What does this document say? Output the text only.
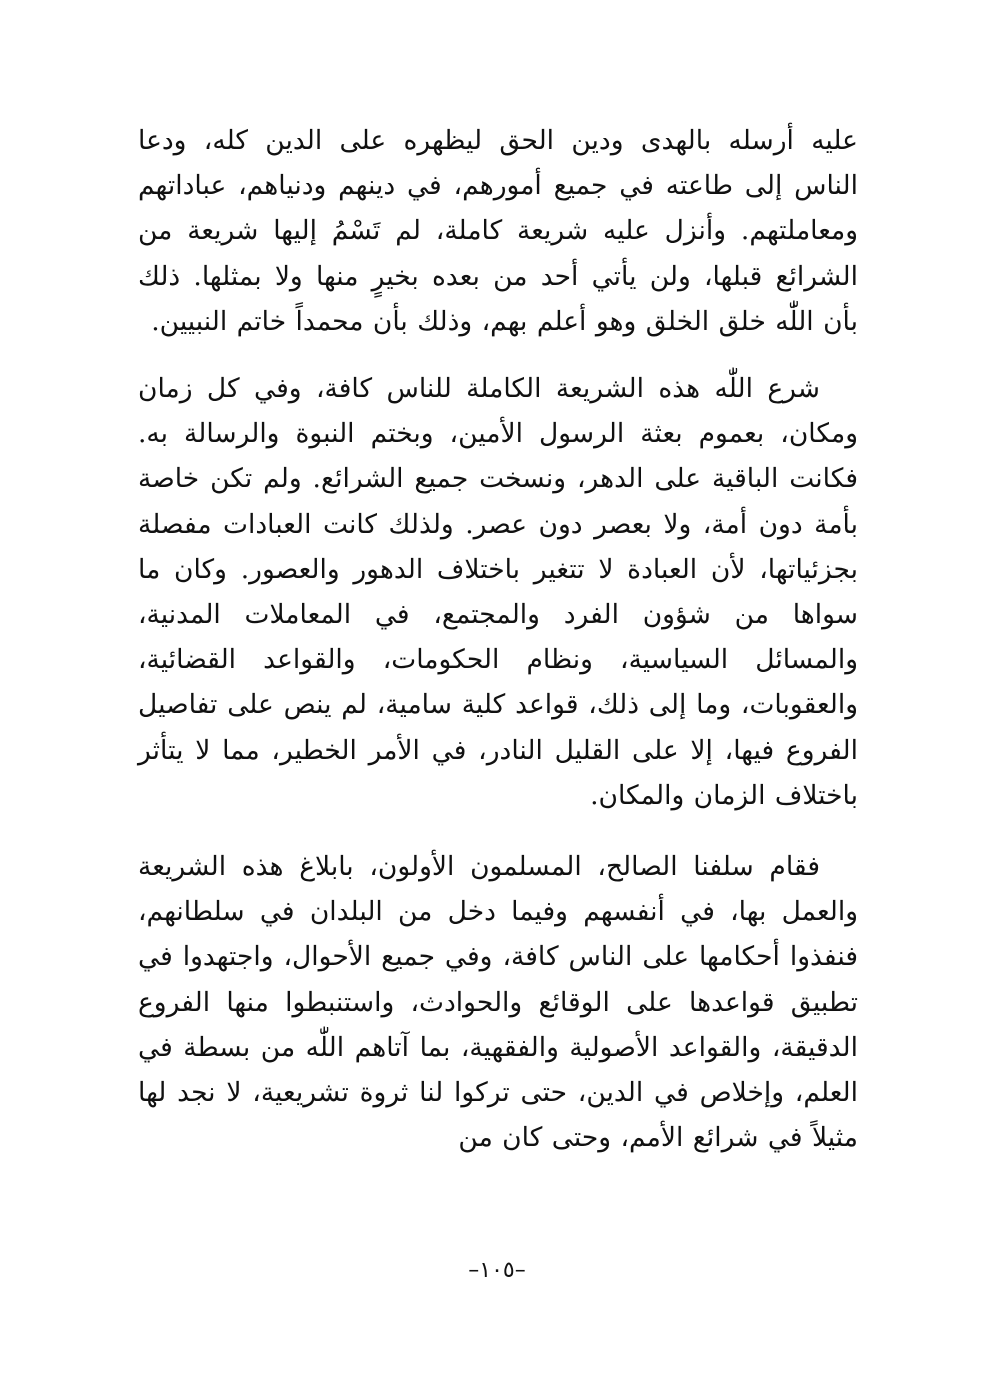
عليه أرسله بالهدى ودين الحق ليظهره على الدين كله، ودعا الناس إلى طاعته في جميع أمورهم، في دينهم ودنياهم، عباداتهم ومعاملتهم. وأنزل عليه شريعة كاملة، لم تَسْمُ إليها شريعة من الشرائع قبلها، ولن يأتي أحد من بعده بخيرٍ منها ولا بمثلها. ذلك بأن اللّٰه خلق الخلق وهو أعلم بهم، وذلك بأن محمداً خاتم النبيين.

شرع اللّٰه هذه الشريعة الكاملة للناس كافة، وفي كل زمان ومكان، بعموم بعثة الرسول الأمين، وبختم النبوة والرسالة به. فكانت الباقية على الدهر، ونسخت جميع الشرائع. ولم تكن خاصة بأمة دون أمة، ولا بعصر دون عصر. ولذلك كانت العبادات مفصلة بجزئياتها، لأن العبادة لا تتغير باختلاف الدهور والعصور. وكان ما سواها من شؤون الفرد والمجتمع، في المعاملات المدنية، والمسائل السياسية، ونظام الحكومات، والقواعد القضائية، والعقوبات، وما إلى ذلك، قواعد كلية سامية، لم ينص على تفاصيل الفروع فيها، إلا على القليل النادر، في الأمر الخطير، مما لا يتأثر باختلاف الزمان والمكان.

فقام سلفنا الصالح، المسلمون الأولون، بابلاغ هذه الشريعة والعمل بها، في أنفسهم وفيما دخل من البلدان في سلطانهم، فنفذوا أحكامها على الناس كافة، وفي جميع الأحوال، واجتهدوا في تطبيق قواعدها على الوقائع والحوادث، واستنبطوا منها الفروع الدقيقة، والقواعد الأصولية والفقهية، بما آتاهم اللّٰه من بسطة في العلم، وإخلاص في الدين، حتى تركوا لنا ثروة تشريعية، لا نجد لها مثيلاً في شرائع الأمم، وحتى كان من

–١٠٥–
